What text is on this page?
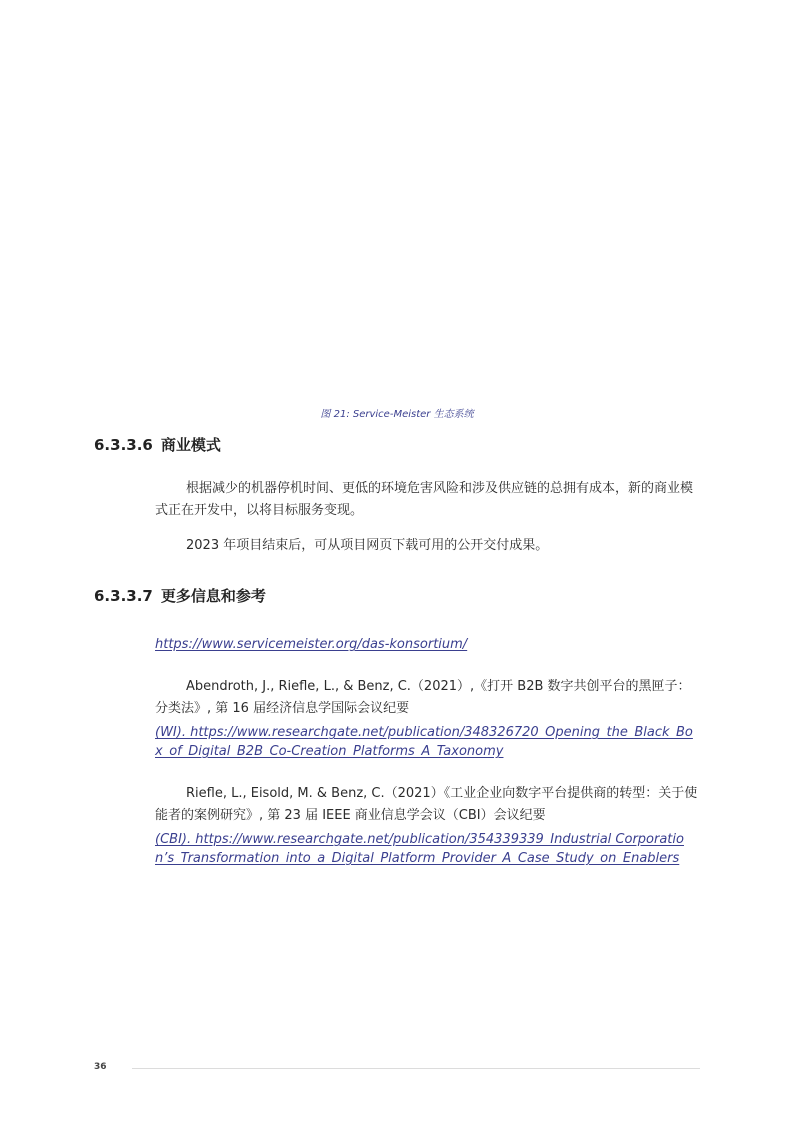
图 21: Service-Meister 生态系统
6.3.3.6 商业模式

根据减少的机器停机时间、更低的环境危害风险和涉及供应链的总拥有成本，新的商业模式正在开发中，以将目标服务变现。

2023 年项目结束后，可从项目网页下载可用的公开交付成果。

6.3.3.7 更多信息和参考
https://www.servicemeister.org/das-konsortium/

Abendroth, J., Riefle, L., & Benz, C.（2021）,《打开 B2B 数字共创平台的黑匣子：分类法》, 第 16 届经济信息学国际会议纪要

(WI). https://www.researchgate.net/publication/348326720_Opening_the_Black_Box_of_Digital_B2B_Co-Creation_Platforms_A_Taxonomy

Riefle, L., Eisold, M. & Benz, C.（2021）《工业企业向数字平台提供商的转型：关于使能者的案例研究》, 第 23 届 IEEE 商业信息学会议（CBI）会议纪要

(CBI). https://www.researchgate.net/publication/354339339_Industrial Corporation’s_Transformation_into_a_Digital_Platform_Provider_A_Case_Study_on_Enablers
36
